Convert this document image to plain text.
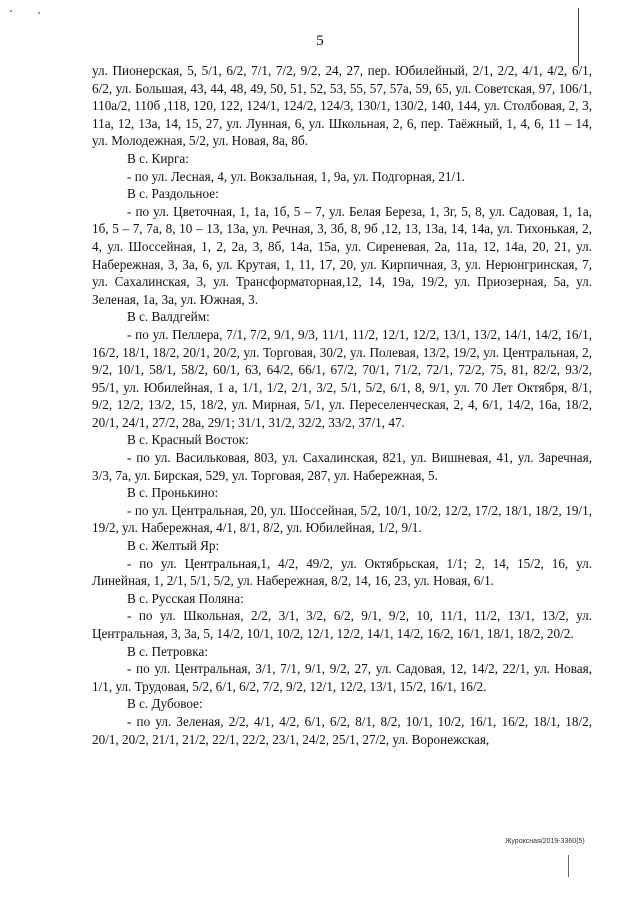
5

ул. Пионерская, 5, 5/1, 6/2, 7/1, 7/2, 9/2, 24, 27, пер. Юбилейный, 2/1, 2/2, 4/1, 4/2, 6/1, 6/2, ул. Большая, 43, 44, 48, 49, 50, 51, 52, 53, 55, 57, 57а, 59, 65, ул. Советская, 97, 106/1, 110а/2, 110б ,118, 120, 122, 124/1, 124/2, 124/3, 130/1, 130/2, 140, 144, ул. Столбовая, 2, 3, 11а, 12, 13а, 14, 15, 27, ул. Лунная, 6, ул. Школьная, 2, 6, пер. Таёжный, 1, 4, 6, 11 – 14, ул. Молодежная, 5/2, ул. Новая, 8а, 8б.

В с. Кирга:

- по ул. Лесная, 4, ул. Вокзальная, 1, 9а, ул. Подгорная, 21/1.

В с. Раздольное:

- по ул. Цветочная, 1, 1а, 1б, 5 – 7, ул. Белая Береза, 1, 3г, 5, 8, ул. Садовая, 1, 1а, 1б, 5 – 7, 7а, 8, 10 – 13, 13а, ул. Речная, 3, 3б, 8, 9б ,12, 13, 13а, 14, 14а, ул. Тихонькая, 2, 4, ул. Шоссейная, 1, 2, 2а, 3, 8б, 14а, 15а, ул. Сиреневая, 2а, 11а, 12, 14а, 20, 21, ул. Набережная, 3, 3а, 6, ул. Крутая, 1, 11, 17, 20, ул. Кирпичная, 3, ул. Нерюнгринская, 7, ул. Сахалинская, 3, ул. Трансформаторная,12, 14, 19а, 19/2, ул. Приозерная, 5а, ул. Зеленая, 1а, 3а, ул. Южная, 3.

В с. Валдгейм:

- по ул. Пеллера, 7/1, 7/2, 9/1, 9/3, 11/1, 11/2, 12/1, 12/2, 13/1, 13/2, 14/1, 14/2, 16/1, 16/2, 18/1, 18/2, 20/1, 20/2, ул. Торговая, 30/2, ул. Полевая, 13/2, 19/2, ул. Центральная, 2, 9/2, 10/1, 58/1, 58/2, 60/1, 63, 64/2, 66/1, 67/2, 70/1, 71/2, 72/1, 72/2, 75, 81, 82/2, 93/2, 95/1, ул. Юбилейная, 1 а, 1/1, 1/2, 2/1, 3/2, 5/1, 5/2, 6/1, 8, 9/1, ул. 70 Лет Октября, 8/1, 9/2, 12/2, 13/2, 15, 18/2, ул. Мирная, 5/1, ул. Переселенческая, 2, 4, 6/1, 14/2, 16а, 18/2, 20/1, 24/1, 27/2, 28а, 29/1; 31/1, 31/2, 32/2, 33/2, 37/1, 47.

В с. Красный Восток:

- по ул. Васильковая, 803, ул. Сахалинская, 821, ул. Вишневая, 41, ул. Заречная, 3/3, 7а, ул. Бирская, 529, ул. Торговая, 287, ул. Набережная, 5.

В с. Пронькино:

- по ул. Центральная, 20, ул. Шоссейная, 5/2, 10/1, 10/2, 12/2, 17/2, 18/1, 18/2, 19/1, 19/2, ул. Набережная, 4/1, 8/1, 8/2, ул. Юбилейная, 1/2, 9/1.

В с. Желтый Яр:

- по ул. Центральная,1, 4/2, 49/2, ул. Октябрьская, 1/1; 2, 14, 15/2, 16, ул. Линейная, 1, 2/1, 5/1, 5/2, ул. Набережная, 8/2, 14, 16, 23, ул. Новая, 6/1.

В с. Русская Поляна:

- по ул. Школьная, 2/2, 3/1, 3/2, 6/2, 9/1, 9/2, 10, 11/1, 11/2, 13/1, 13/2, ул. Центральная, 3, 3а, 5, 14/2, 10/1, 10/2, 12/1, 12/2, 14/1, 14/2, 16/2, 16/1, 18/1, 18/2, 20/2.

В с. Петровка:

- по ул. Центральная, 3/1, 7/1, 9/1, 9/2, 27, ул. Садовая, 12, 14/2, 22/1, ул. Новая, 1/1, ул. Трудовая, 5/2, 6/1, 6/2, 7/2, 9/2, 12/1, 12/2, 13/1, 15/2, 16/1, 16/2.

В с. Дубовое:

- по ул. Зеленая, 2/2, 4/1, 4/2, 6/1, 6/2, 8/1, 8/2, 10/1, 10/2, 16/1, 16/2, 18/1, 18/2, 20/1, 20/2, 21/1, 21/2, 22/1, 22/2, 23/1, 24/2, 25/1, 27/2, ул. Воронежская,

Журоксная/2019-3360(5)
